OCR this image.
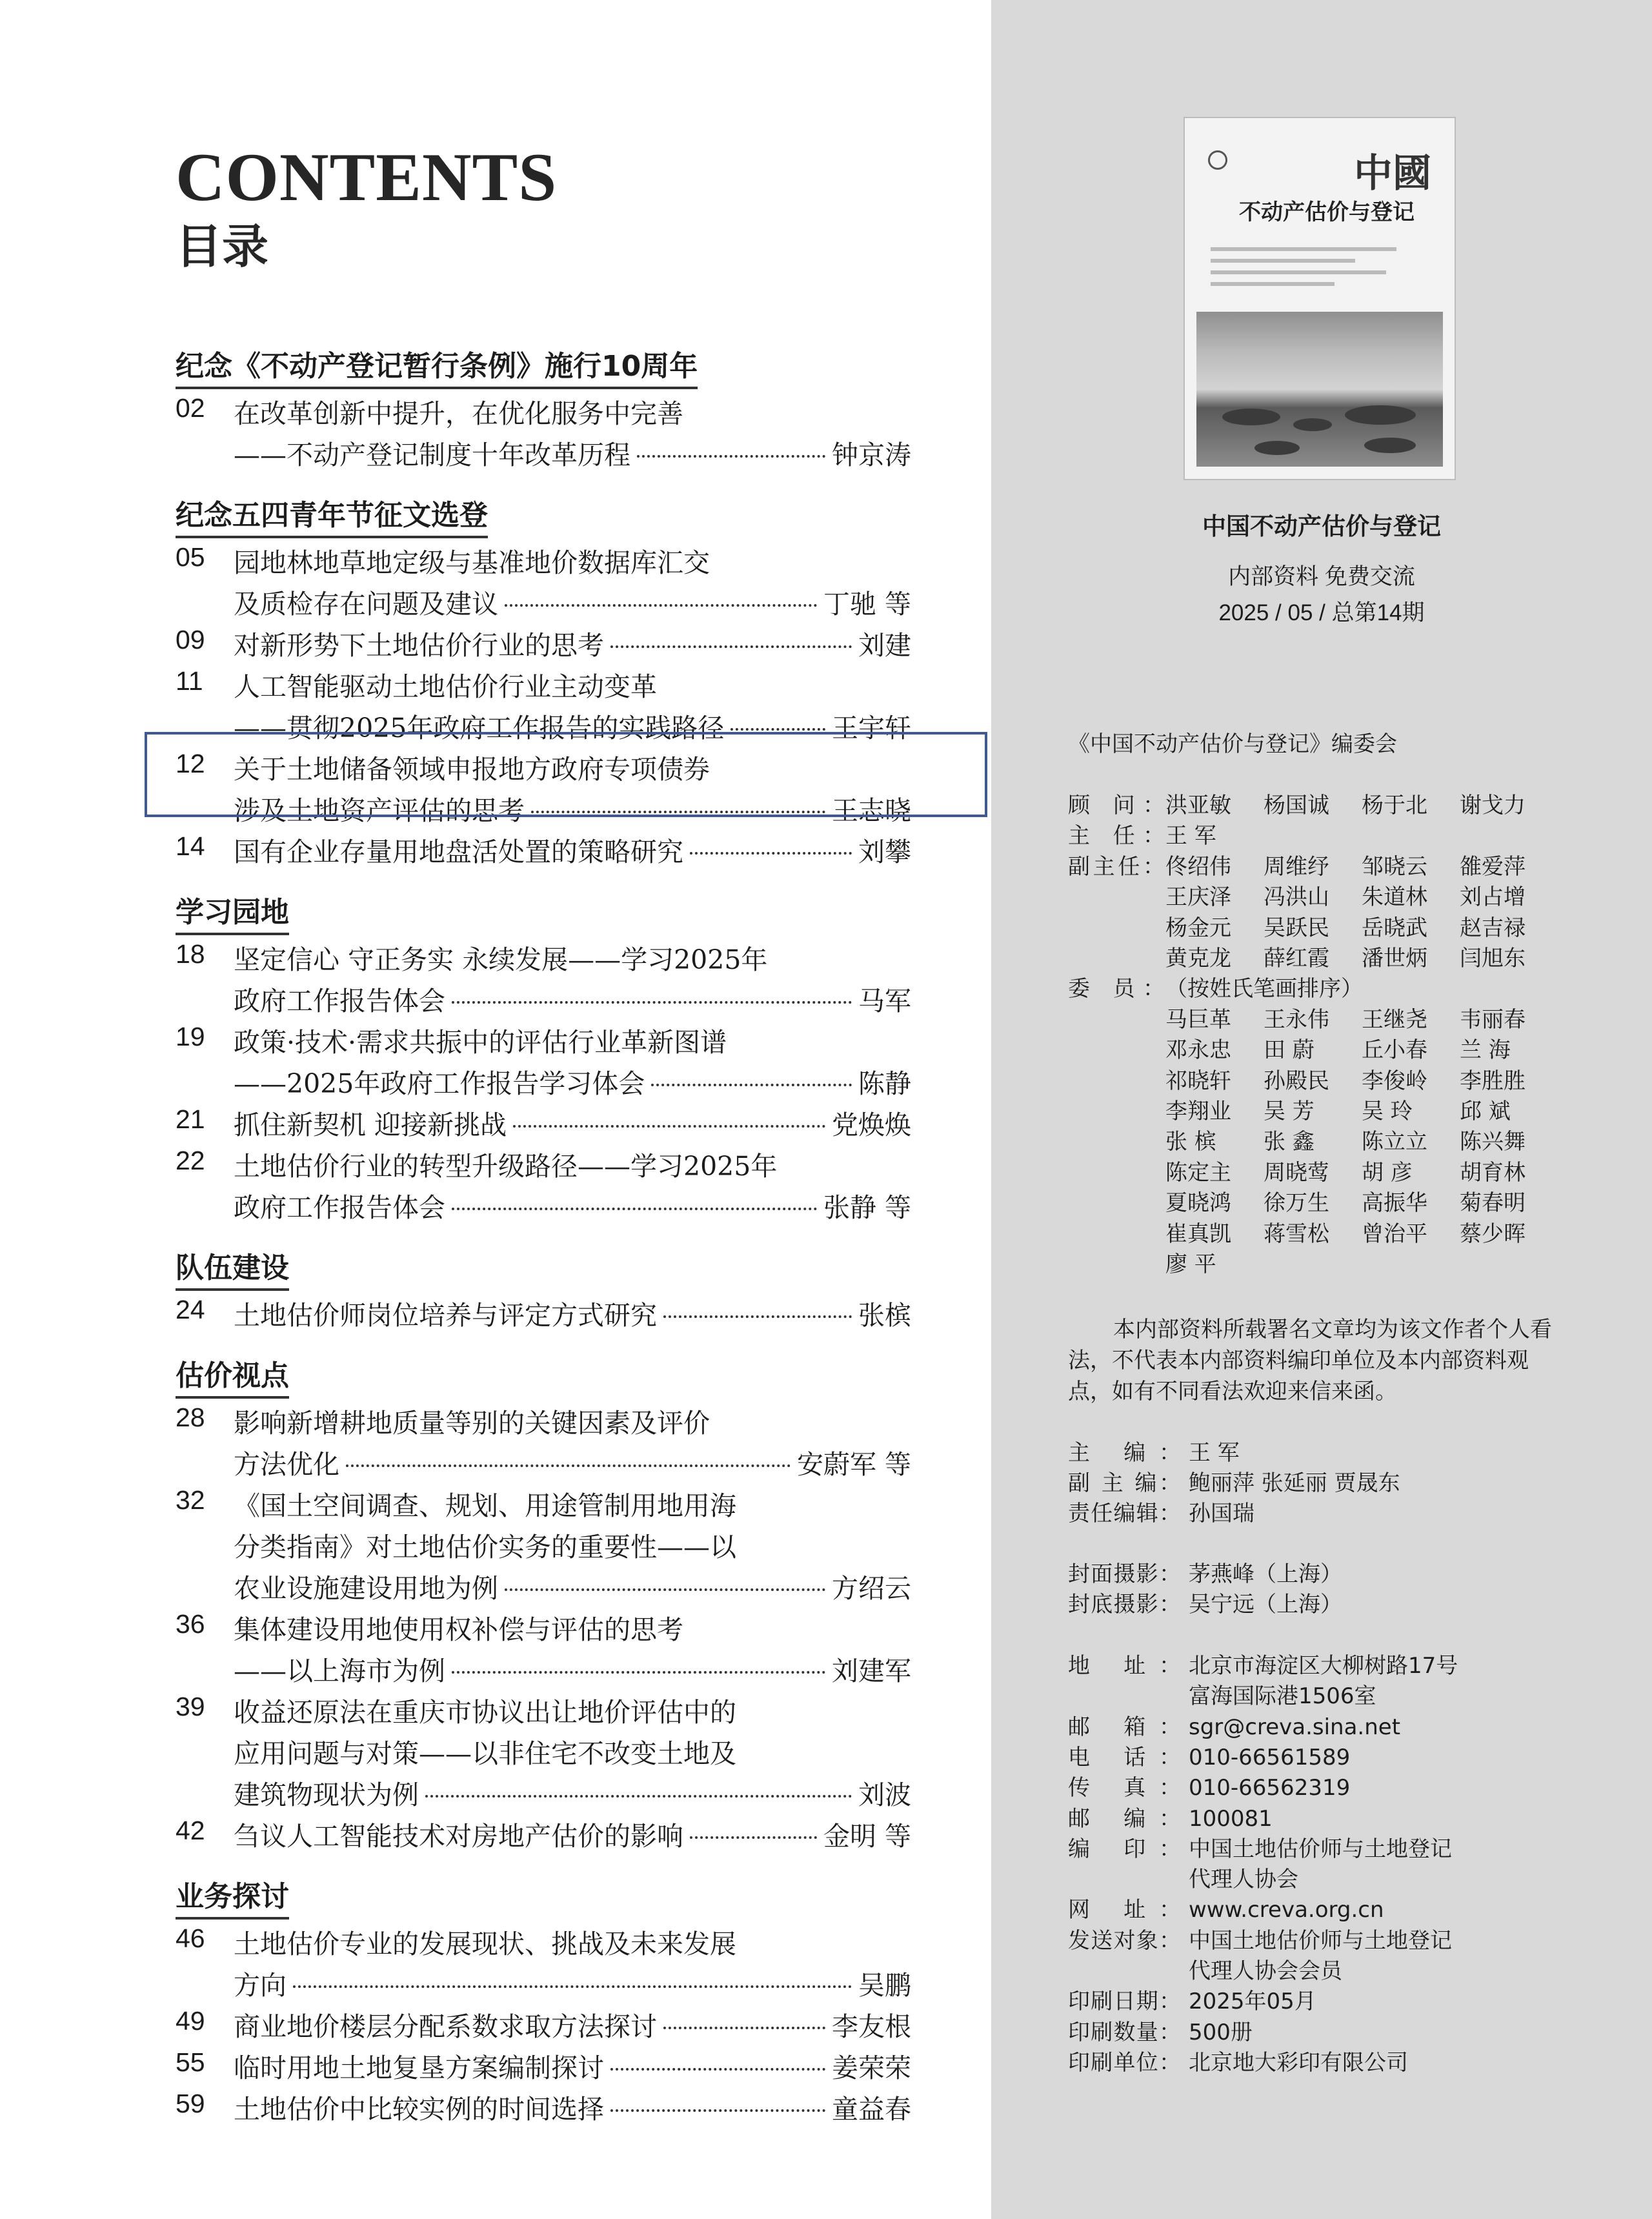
CONTENTS
目录
纪念《不动产登记暂行条例》施行10周年
02	在改革创新中提升，在优化服务中完善
——不动产登记制度十年改革历程	钟京涛
纪念五四青年节征文选登
05	园地林地草地定级与基准地价数据库汇交
及质检存在问题及建议	丁驰 等
09	对新形势下土地估价行业的思考	刘建
11	人工智能驱动土地估价行业主动变革
——贯彻2025年政府工作报告的实践路径	王宇轩
12	关于土地储备领域申报地方政府专项债券
涉及土地资产评估的思考	王志晓
14	国有企业存量用地盘活处置的策略研究	刘攀
学习园地
18	坚定信心 守正务实 永续发展——学习2025年
政府工作报告体会	马军
19	政策·技术·需求共振中的评估行业革新图谱
——2025年政府工作报告学习体会	陈静
21	抓住新契机 迎接新挑战	党焕焕
22	土地估价行业的转型升级路径——学习2025年
政府工作报告体会	张静 等
队伍建设
24	土地估价师岗位培养与评定方式研究	张槟
估价视点
28	影响新增耕地质量等别的关键因素及评价
方法优化	安蔚军 等
32	《国土空间调查、规划、用途管制用地用海
分类指南》对土地估价实务的重要性——以
农业设施建设用地为例	方绍云
36	集体建设用地使用权补偿与评估的思考
——以上海市为例	刘建军
39	收益还原法在重庆市协议出让地价评估中的
应用问题与对策——以非住宅不改变土地及
建筑物现状为例	刘波
42	刍议人工智能技术对房地产估价的影响	金明 等
业务探讨
46	土地估价专业的发展现状、挑战及未来发展
方向	吴鹏
49	商业地价楼层分配系数求取方法探讨	李友根
55	临时用地土地复垦方案编制探讨	姜荣荣
59	土地估价中比较实例的时间选择	童益春
中國
不动产估价与登记
中国不动产估价与登记
内部资料 免费交流
2025 / 05 / 总第14期
《中国不动产估价与登记》编委会
顾 问： 洪亚敏 杨国诚 杨于北 谢戈力
主 任： 王 军
副主任： 佟绍伟 周维纾 邹晓云 雒爱萍
王庆泽 冯洪山 朱道林 刘占增
杨金元 吴跃民 岳晓武 赵吉禄
黄克龙 薛红霞 潘世炳 闫旭东
委 员： （按姓氏笔画排序）
马巨革 王永伟 王继尧 韦丽春
邓永忠 田 蔚 丘小春 兰 海
祁晓轩 孙殿民 李俊岭 李胜胜
李翔业 吴 芳 吴 玲 邱 斌
张 槟 张 鑫 陈立立 陈兴舞
陈定主 周晓莺 胡 彦 胡育林
夏晓鸿 徐万生 高振华 菊春明
崔真凯 蒋雪松 曾治平 蔡少晖
廖 平
本内部资料所载署名文章均为该文作者个人看法，不代表本内部资料编印单位及本内部资料观点，如有不同看法欢迎来信来函。
主 编： 王 军
副 主 编： 鲍丽萍 张延丽 贾晟东
责任编辑： 孙国瑞
封面摄影： 茅燕峰（上海）
封底摄影： 吴宁远（上海）
地 址： 北京市海淀区大柳树路17号
富海国际港1506室
邮 箱： sgr@creva.sina.net
电 话： 010-66561589
传 真： 010-66562319
邮 编： 100081
编 印： 中国土地估价师与土地登记
代理人协会
网 址： www.creva.org.cn
发送对象： 中国土地估价师与土地登记
代理人协会会员
印刷日期： 2025年05月
印刷数量： 500册
印刷单位： 北京地大彩印有限公司
